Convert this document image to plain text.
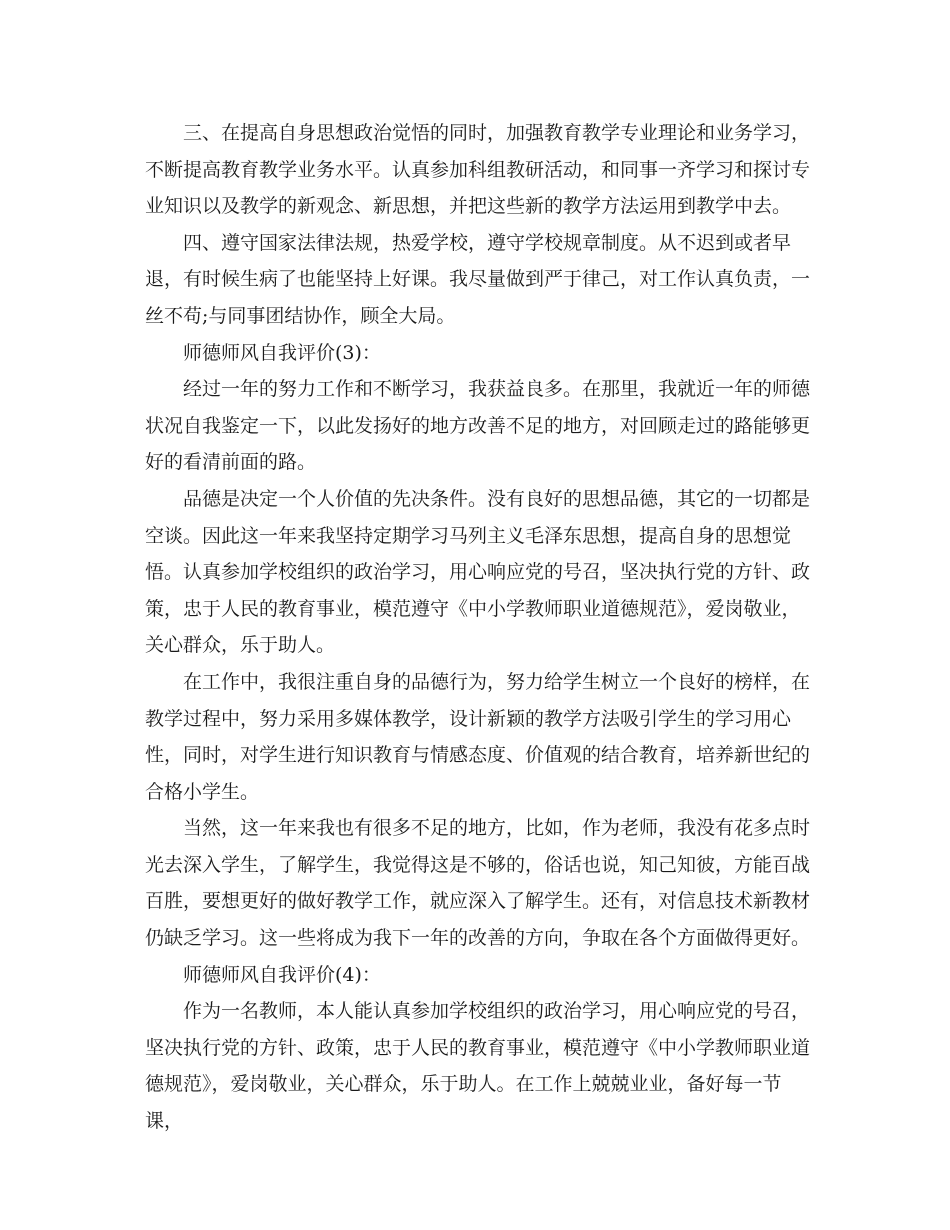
三、在提高自身思想政治觉悟的同时，加强教育教学专业理论和业务学习，不断提高教育教学业务水平。认真参加科组教研活动，和同事一齐学习和探讨专业知识以及教学的新观念、新思想，并把这些新的教学方法运用到教学中去。

四、遵守国家法律法规，热爱学校，遵守学校规章制度。从不迟到或者早退，有时候生病了也能坚持上好课。我尽量做到严于律己，对工作认真负责，一丝不苟;与同事团结协作，顾全大局。

师德师风自我评价(3)：

经过一年的努力工作和不断学习，我获益良多。在那里，我就近一年的师德状况自我鉴定一下，以此发扬好的地方改善不足的地方，对回顾走过的路能够更好的看清前面的路。

品德是决定一个人价值的先决条件。没有良好的思想品德，其它的一切都是空谈。因此这一年来我坚持定期学习马列主义毛泽东思想，提高自身的思想觉悟。认真参加学校组织的政治学习，用心响应党的号召，坚决执行党的方针、政策，忠于人民的教育事业，模范遵守《中小学教师职业道德规范》，爱岗敬业，关心群众，乐于助人。

在工作中，我很注重自身的品德行为，努力给学生树立一个良好的榜样，在教学过程中，努力采用多媒体教学，设计新颖的教学方法吸引学生的学习用心性，同时，对学生进行知识教育与情感态度、价值观的结合教育，培养新世纪的合格小学生。

当然，这一年来我也有很多不足的地方，比如，作为老师，我没有花多点时光去深入学生，了解学生，我觉得这是不够的，俗话也说，知己知彼，方能百战百胜，要想更好的做好教学工作，就应深入了解学生。还有，对信息技术新教材仍缺乏学习。这一些将成为我下一年的改善的方向，争取在各个方面做得更好。

师德师风自我评价(4)：

作为一名教师，本人能认真参加学校组织的政治学习，用心响应党的号召，坚决执行党的方针、政策，忠于人民的教育事业，模范遵守《中小学教师职业道德规范》，爱岗敬业，关心群众，乐于助人。在工作上兢兢业业，备好每一节课，
